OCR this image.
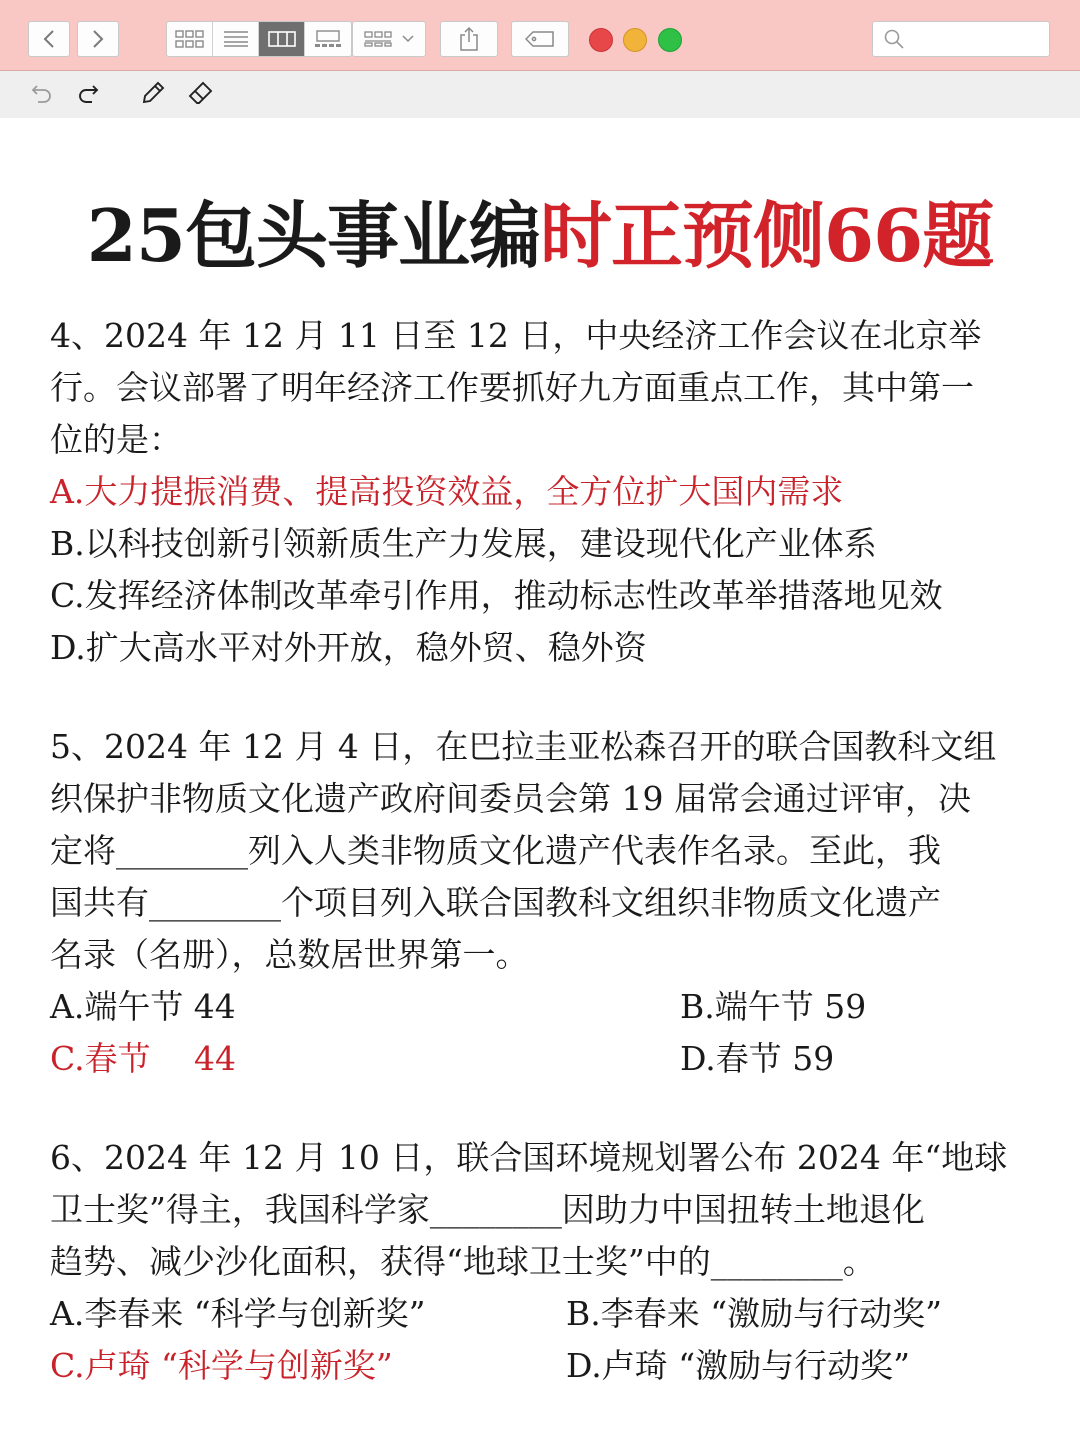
25包头事业编时正预侧66题
4、2024 年 12 月 11 日至 12 日，中央经济工作会议在北京举
行。会议部署了明年经济工作要抓好九方面重点工作，其中第一
位的是：
A.大力提振消费、提高投资效益，全方位扩大国内需求
B.以科技创新引领新质生产力发展，建设现代化产业体系
C.发挥经济体制改革牵引作用，推动标志性改革举措落地见效
D.扩大高水平对外开放，稳外贸、稳外资
5、2024 年 12 月 4 日，在巴拉圭亚松森召开的联合国教科文组
织保护非物质文化遗产政府间委员会第 19 届常会通过评审，决
定将________列入人类非物质文化遗产代表作名录。至此，我
国共有________个项目列入联合国教科文组织非物质文化遗产
名录（名册），总数居世界第一。
A.端午节 44	B.端午节 59
C.春节　 44	D.春节 59
6、2024 年 12 月 10 日，联合国环境规划署公布 2024 年“地球
卫士奖”得主，我国科学家________因助力中国扭转土地退化
趋势、减少沙化面积，获得“地球卫士奖”中的________。
A.李春来 “科学与创新奖”	B.李春来 “激励与行动奖”
C.卢琦 “科学与创新奖”	D.卢琦 “激励与行动奖”
